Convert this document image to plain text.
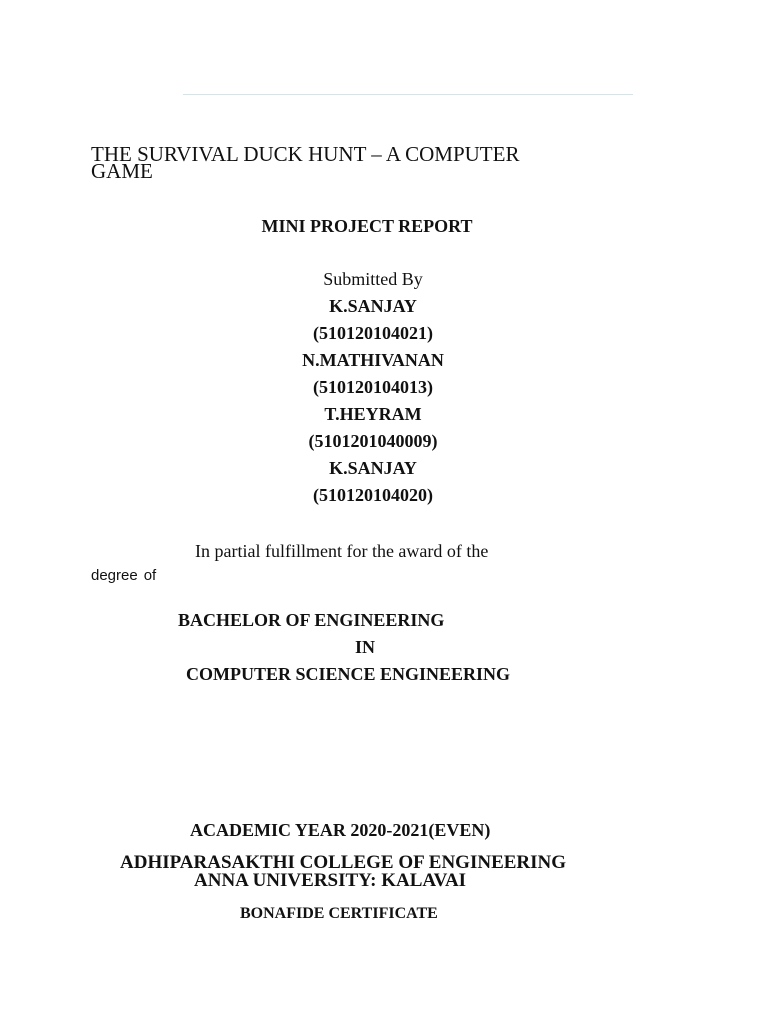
THE SURVIVAL DUCK HUNT – A COMPUTER
GAME
MINI PROJECT REPORT
Submitted By
K.SANJAY
(510120104021)
N.MATHIVANAN
(510120104013)
T.HEYRAM
(5101201040009)
K.SANJAY
(510120104020)
In partial fulfillment for the award of the
degree of
BACHELOR OF ENGINEERING
IN
COMPUTER SCIENCE ENGINEERING
ACADEMIC YEAR 2020-2021(EVEN)
ADHIPARASAKTHI COLLEGE OF ENGINEERING
ANNA UNIVERSITY: KALAVAI
BONAFIDE CERTIFICATE
